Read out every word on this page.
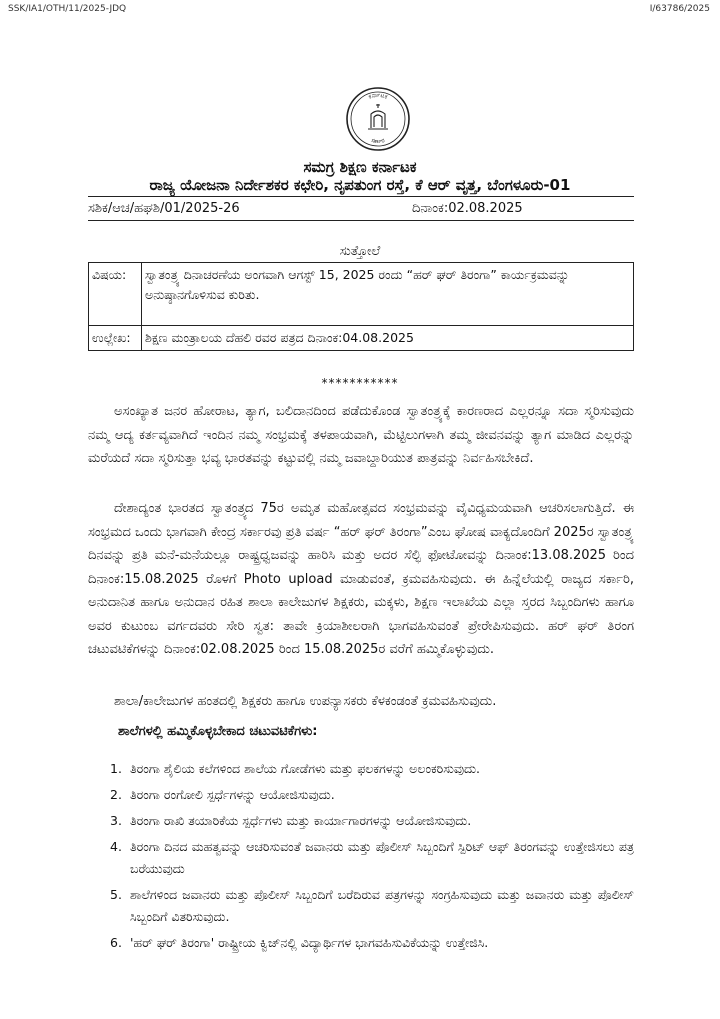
SSK/IA1/OTH/11/2025-JDQ	I/63786/2025
ಕರ್ನಾಟಕ
ಸರ್ಕಾರ
ಸಮಗ್ರ ಶಿಕ್ಷಣ ಕರ್ನಾಟಕ
ರಾಜ್ಯ ಯೋಜನಾ ನಿರ್ದೇಶಕರ ಕಛೇರಿ, ನೃಪತುಂಗ ರಸ್ತೆ, ಕೆ ಆರ್ ವೃತ್ತ, ಬೆಂಗಳೂರು-01
ಸಶಿಕ/ಆಚ/ಹಘಶಿ/01/2025-26	ದಿನಾಂಕ:02.08.2025
ಸುತ್ತೋಲೆ
ವಿಷಯ:	ಸ್ವಾತಂತ್ರ್ಯ ದಿನಾಚರಣೆಯ ಅಂಗವಾಗಿ ಆಗಸ್ಟ್ 15, 2025 ರಂದು “ಹರ್ ಘರ್ ತಿರಂಗಾ” ಕಾರ್ಯಕ್ರಮವನ್ನು ಅನುಷ್ಠಾನಗೊಳಿಸುವ ಕುರಿತು.
ಉಲ್ಲೇಖ:	ಶಿಕ್ಷಣ ಮಂತ್ರಾಲಯ ದೆಹಲಿ ರವರ ಪತ್ರದ ದಿನಾಂಕ:04.08.2025
***********

ಅಸಂಖ್ಯಾತ ಜನರ ಹೋರಾಟ, ತ್ಯಾಗ, ಬಲಿದಾನದಿಂದ ಪಡೆದುಕೊಂಡ ಸ್ವಾತಂತ್ರ್ಯಕ್ಕೆ ಕಾರಣರಾದ ಎಲ್ಲರನ್ನೂ ಸದಾ ಸ್ಮರಿಸುವುದು ನಮ್ಮ ಆದ್ಯ ಕರ್ತವ್ಯವಾಗಿದೆ ಇಂದಿನ ನಮ್ಮ ಸಂಭ್ರಮಕ್ಕೆ ತಳಪಾಯವಾಗಿ, ಮೆಟ್ಟಿಲುಗಳಾಗಿ ತಮ್ಮ ಜೀವನವನ್ನು ತ್ಯಾಗ ಮಾಡಿದ ಎಲ್ಲರನ್ನು ಮರೆಯದೆ ಸದಾ ಸ್ಮರಿಸುತ್ತಾ ಭವ್ಯ ಭಾರತವನ್ನು ಕಟ್ಟುವಲ್ಲಿ ನಮ್ಮ ಜವಾಬ್ದಾರಿಯುತ ಪಾತ್ರವನ್ನು ನಿರ್ವಹಿಸಬೇಕಿದೆ.

ದೇಶಾದ್ಯಂತ ಭಾರತದ ಸ್ವಾತಂತ್ರ್ಯದ 75ರ ಅಮೃತ ಮಹೋತ್ಸವದ ಸಂಭ್ರಮವನ್ನು ವೈವಿಧ್ಯಮಯವಾಗಿ ಆಚರಿಸಲಾಗುತ್ತಿದೆ. ಈ ಸಂಭ್ರಮದ ಒಂದು ಭಾಗವಾಗಿ ಕೇಂದ್ರ ಸರ್ಕಾರವು ಪ್ರತಿ ವರ್ಷ “ಹರ್ ಘರ್ ತಿರಂಗಾ”ಎಂಬ ಘೋಷ ವಾಕ್ಯದೊಂದಿಗೆ 2025ರ ಸ್ವಾತಂತ್ರ್ಯ ದಿನವನ್ನು ಪ್ರತಿ ಮನೆ-ಮನೆಯಲ್ಲೂ ರಾಷ್ಟ್ರಧ್ವಜವನ್ನು ಹಾರಿಸಿ ಮತ್ತು ಅದರ ಸೆಲ್ಫಿ ಫೋಟೋವನ್ನು ದಿನಾಂಕ:13.08.2025 ರಿಂದ ದಿನಾಂಕ:15.08.2025 ರೊಳಗೆ Photo upload ಮಾಡುವಂತೆ, ಕ್ರಮವಹಿಸುವುದು. ಈ ಹಿನ್ನೆಲೆಯಲ್ಲಿ ರಾಜ್ಯದ ಸರ್ಕಾರಿ, ಅನುದಾನಿತ ಹಾಗೂ ಅನುದಾನ ರಹಿತ ಶಾಲಾ ಕಾಲೇಜುಗಳ ಶಿಕ್ಷಕರು, ಮಕ್ಕಳು, ಶಿಕ್ಷಣ ಇಲಾಖೆಯ ಎಲ್ಲಾ ಸ್ತರದ ಸಿಬ್ಬಂದಿಗಳು ಹಾಗೂ ಅವರ ಕುಟುಂಬ ವರ್ಗದವರು ಸೇರಿ ಸ್ವತ: ತಾವೇ ಕ್ರಿಯಾಶೀಲರಾಗಿ ಭಾಗವಹಿಸುವಂತೆ ಪ್ರೇರೇಪಿಸುವುದು. ಹರ್ ಘರ್ ತಿರಂಗ ಚಟುವಟಿಕೆಗಳನ್ನು ದಿನಾಂಕ:02.08.2025 ರಿಂದ 15.08.2025ರ ವರೆಗೆ ಹಮ್ಮಿಕೊಳ್ಳುವುದು.

ಶಾಲಾ/ಕಾಲೇಜುಗಳ ಹಂತದಲ್ಲಿ ಶಿಕ್ಷಕರು ಹಾಗೂ ಉಪನ್ಯಾಸಕರು ಕೆಳಕಂಡಂತೆ ಕ್ರಮವಹಿಸುವುದು.

ಶಾಲೆಗಳಲ್ಲಿ ಹಮ್ಮಿಕೊಳ್ಳಬೇಕಾದ ಚಟುವಟಿಕೆಗಳು:
1. ತಿರಂಗಾ ಶೈಲಿಯ ಕಲೆಗಳಿಂದ ಶಾಲೆಯ ಗೋಡೆಗಳು ಮತ್ತು ಫಲಕಗಳನ್ನು ಅಲಂಕರಿಸುವುದು.
2. ತಿರಂಗಾ ರಂಗೋಲಿ ಸ್ಪರ್ಧೆಗಳನ್ನು ಆಯೋಜಿಸುವುದು.
3. ತಿರಂಗಾ ರಾಖಿ ತಯಾರಿಕೆಯ ಸ್ಪರ್ಧೆಗಳು ಮತ್ತು ಕಾರ್ಯಾಗಾರಗಳನ್ನು ಆಯೋಜಿಸುವುದು.
4. ತಿರಂಗಾ ದಿನದ ಮಹತ್ವವನ್ನು ಆಚರಿಸುವಂತೆ ಜವಾನರು ಮತ್ತು ಪೊಲೀಸ್ ಸಿಬ್ಬಂದಿಗೆ ಸ್ಪಿರಿಟ್ ಆಫ್ ತಿರಂಗವನ್ನು ಉತ್ತೇಜಿಸಲು ಪತ್ರ ಬರೆಯುವುದು
5. ಶಾಲೆಗಳಿಂದ ಜವಾನರು ಮತ್ತು ಪೊಲೀಸ್ ಸಿಬ್ಬಂದಿಗೆ ಬರೆದಿರುವ ಪತ್ರಗಳನ್ನು ಸಂಗ್ರಹಿಸುವುದು ಮತ್ತು ಜವಾನರು ಮತ್ತು ಪೊಲೀಸ್ ಸಿಬ್ಬಂದಿಗೆ ವಿತರಿಸುವುದು.
6. 'ಹರ್ ಘರ್ ತಿರಂಗಾ' ರಾಷ್ಟ್ರೀಯ ಕ್ವಿಜ್‌ನಲ್ಲಿ ವಿದ್ಯಾರ್ಥಿಗಳ ಭಾಗವಹಿಸುವಿಕೆಯನ್ನು ಉತ್ತೇಜಿಸಿ.
